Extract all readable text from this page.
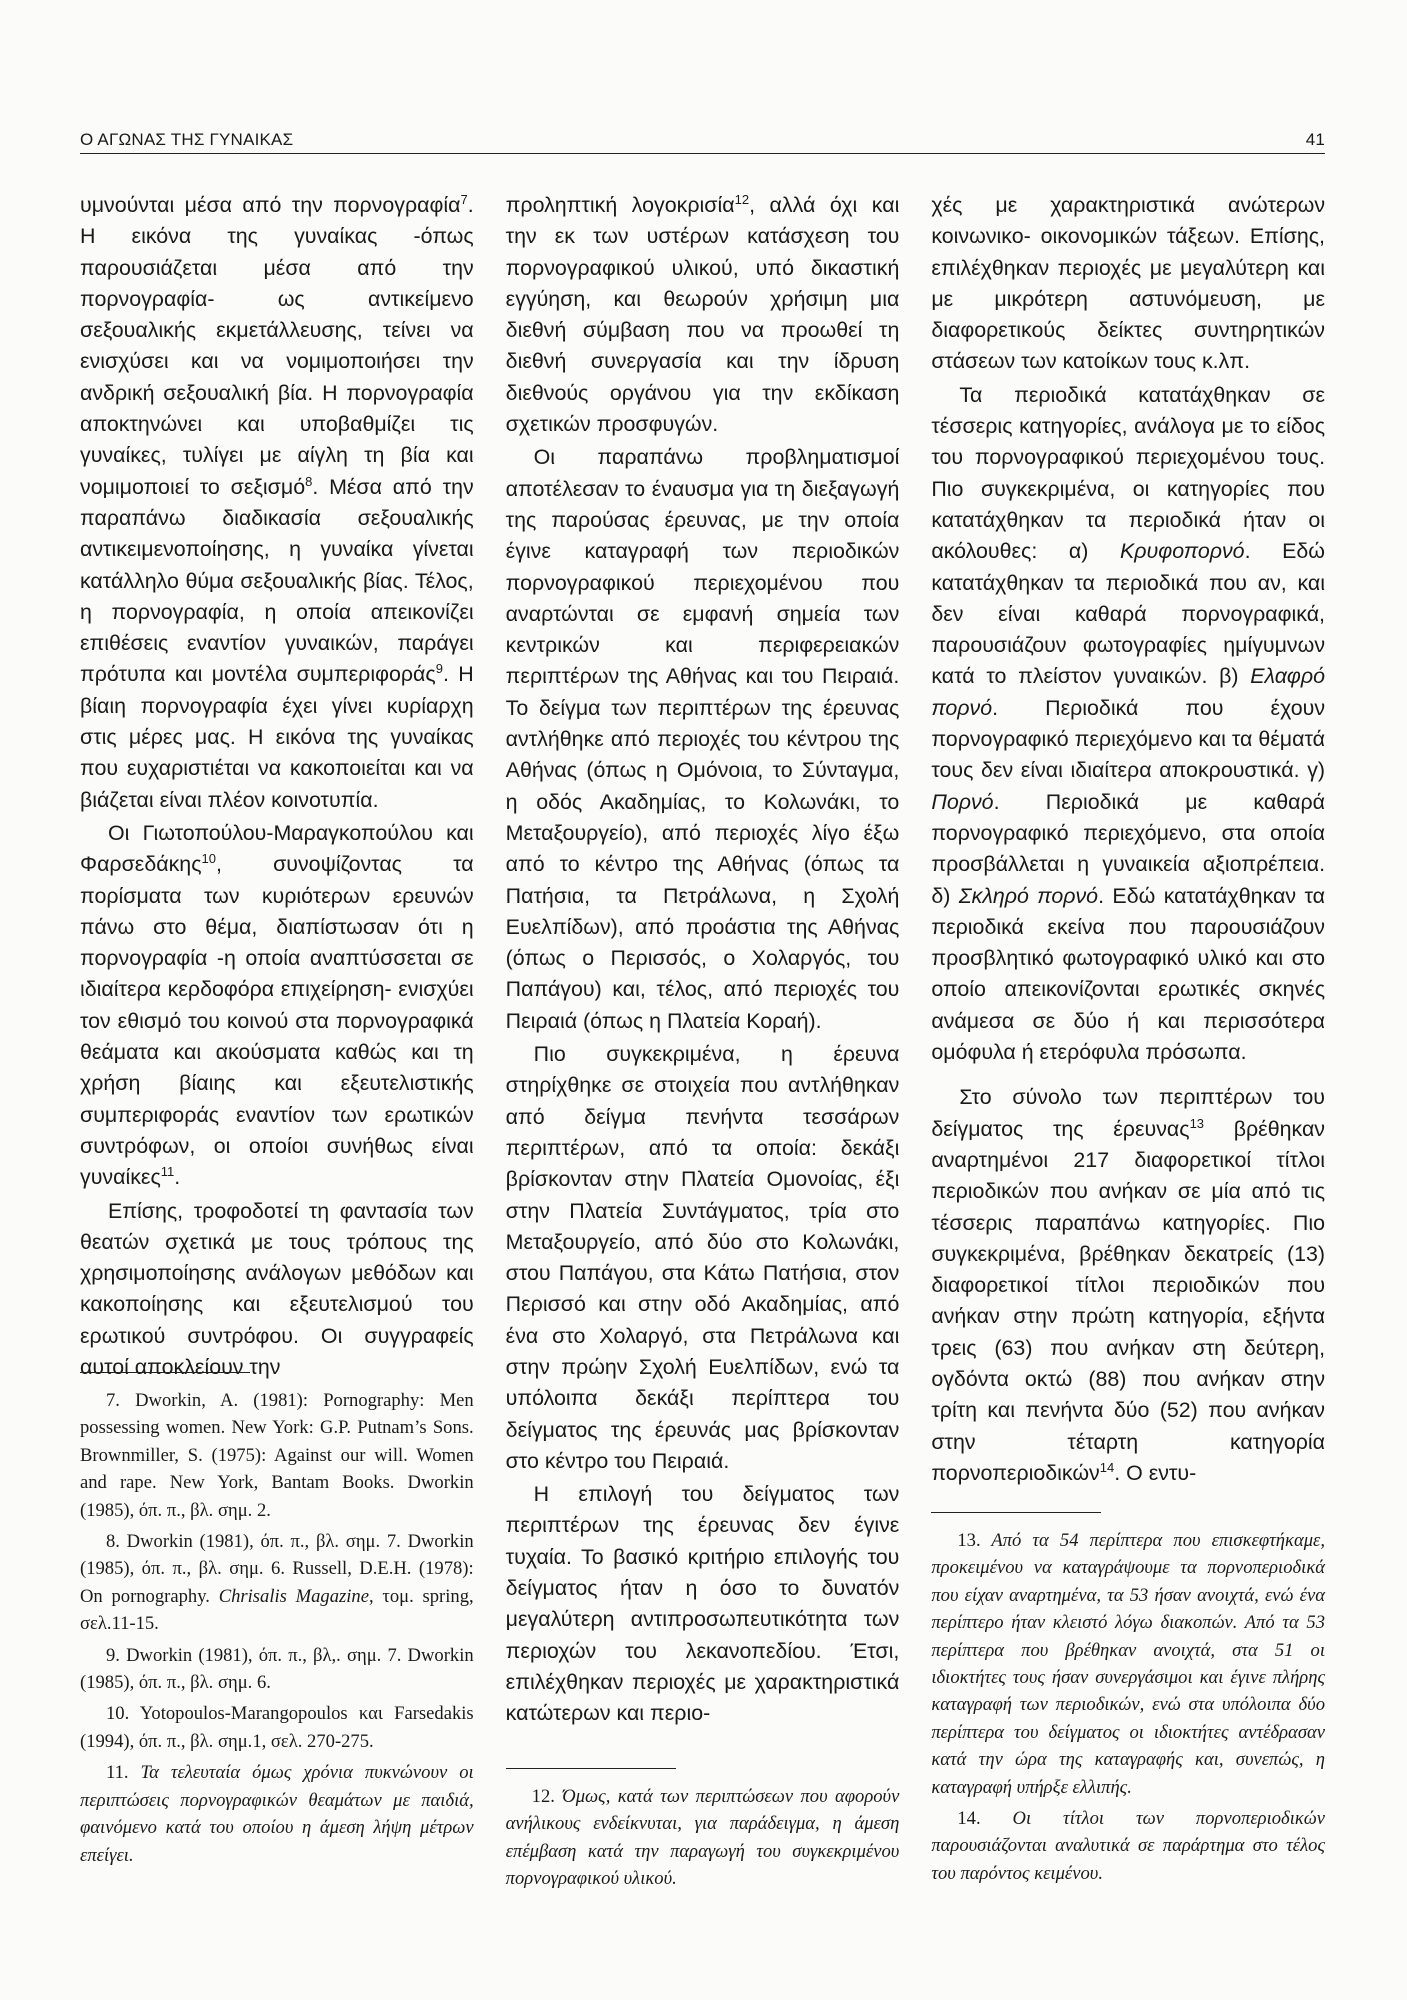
Ο ΑΓΩΝΑΣ ΤΗΣ ΓΥΝΑΙΚΑΣ	41

υμνούνται μέσα από την πορνογραφία$^7$. Η εικόνα της γυναίκας -όπως παρουσιάζεται μέσα από την πορνογραφία- ως αντικείμενο σεξουαλικής εκμετάλλευσης, τείνει να ενισχύσει και να νομιμοποιήσει την ανδρική σεξουαλική βία. Η πορνογραφία αποκτηνώνει και υποβαθμίζει τις γυναίκες, τυλίγει με αίγλη τη βία και νομιμοποιεί το σεξισμό$^8$. Μέσα από την παραπάνω διαδικασία σεξουαλικής αντικειμενοποίησης, η γυναίκα γίνεται κατάλληλο θύμα σεξουαλικής βίας. Τέλος, η πορνογραφία, η οποία απεικονίζει επιθέσεις εναντίον γυναικών, παράγει πρότυπα και μοντέλα συμπεριφοράς$^9$. Η βίαιη πορνογραφία έχει γίνει κυρίαρχη στις μέρες μας. Η εικόνα της γυναίκας που ευχαριστιέται να κακοποιείται και να βιάζεται είναι πλέον κοινοτυπία.

Οι Γιωτοπούλου-Μαραγκοπούλου και Φαρσεδάκης$^{10}$, συνοψίζοντας τα πορίσματα των κυριότερων ερευνών πάνω στο θέμα, διαπίστωσαν ότι η πορνογραφία -η οποία αναπτύσσεται σε ιδιαίτερα κερδοφόρα επιχείρηση- ενισχύει τον εθισμό του κοινού στα πορνογραφικά θεάματα και ακούσματα καθώς και τη χρήση βίαιης και εξευτελιστικής συμπεριφοράς εναντίον των ερωτικών συντρόφων, οι οποίοι συνήθως είναι γυναίκες$^{11}$.

Επίσης, τροφοδοτεί τη φαντασία των θεατών σχετικά με τους τρόπους της χρησιμοποίησης ανάλογων μεθόδων και κακοποίησης και εξευτελισμού του ερωτικού συντρόφου. Οι συγγραφείς αυτοί αποκλείουν την

7. Dworkin, A. (1981): Pornography: Men possessing women. New York: G.P. Putnam’s Sons. Brownmiller, S. (1975): Against our will. Women and rape. New York, Bantam Books. Dworkin (1985), όπ. π., βλ. σημ. 2.

8. Dworkin (1981), όπ. π., βλ. σημ. 7. Dworkin (1985), όπ. π., βλ. σημ. 6. Russell, D.E.H. (1978): On pornography. Chrisalis Magazine, τομ. spring, σελ.11-15.

9. Dworkin (1981), όπ. π., βλ,. σημ. 7. Dworkin (1985), όπ. π., βλ. σημ. 6.

10. Yotopoulos-Marangopoulos και Farsedakis (1994), όπ. π., βλ. σημ.1, σελ. 270-275.

11. Τα τελευταία όμως χρόνια πυκνώνουν οι περιπτώσεις πορνογραφικών θεαμάτων με παιδιά, φαινόμενο κατά του οποίου η άμεση λήψη μέτρων επείγει.

προληπτική λογοκρισία$^{12}$, αλλά όχι και την εκ των υστέρων κατάσχεση του πορνογραφικού υλικού, υπό δικαστική εγγύηση, και θεωρούν χρήσιμη μια διεθνή σύμβαση που να προωθεί τη διεθνή συνεργασία και την ίδρυση διεθνούς οργάνου για την εκδίκαση σχετικών προσφυγών.

Οι παραπάνω προβληματισμοί αποτέλεσαν το έναυσμα για τη διεξαγωγή της παρούσας έρευνας, με την οποία έγινε καταγραφή των περιοδικών πορνογραφικού περιεχομένου που αναρτώνται σε εμφανή σημεία των κεντρικών και περιφερειακών περιπτέρων της Αθήνας και του Πειραιά. Το δείγμα των περιπτέρων της έρευνας αντλήθηκε από περιοχές του κέντρου της Αθήνας (όπως η Ομόνοια, το Σύνταγμα, η οδός Ακαδημίας, το Κολωνάκι, το Μεταξουργείο), από περιοχές λίγο έξω από το κέντρο της Αθήνας (όπως τα Πατήσια, τα Πετράλωνα, η Σχολή Ευελπίδων), από προάστια της Αθήνας (όπως ο Περισσός, ο Χολαργός, του Παπάγου) και, τέλος, από περιοχές του Πειραιά (όπως η Πλατεία Κοραή).

Πιο συγκεκριμένα, η έρευνα στηρίχθηκε σε στοιχεία που αντλήθηκαν από δείγμα πενήντα τεσσάρων περιπτέρων, από τα οποία: δεκάξι βρίσκονταν στην Πλατεία Ομονοίας, έξι στην Πλατεία Συντάγματος, τρία στο Μεταξουργείο, από δύο στο Κολωνάκι, στου Παπάγου, στα Κάτω Πατήσια, στον Περισσό και στην οδό Ακαδημίας, από ένα στο Χολαργό, στα Πετράλωνα και στην πρώην Σχολή Ευελπίδων, ενώ τα υπόλοιπα δεκάξι περίπτερα του δείγματος της έρευνάς μας βρίσκονταν στο κέντρο του Πειραιά.

Η επιλογή του δείγματος των περιπτέρων της έρευνας δεν έγινε τυχαία. Το βασικό κριτήριο επιλογής του δείγματος ήταν η όσο το δυνατόν μεγαλύτερη αντιπροσωπευτικότητα των περιοχών του λεκανοπεδίου. Έτσι, επιλέχθηκαν περιοχές με χαρακτηριστικά κατώτερων και περιο-

12. Όμως, κατά των περιπτώσεων που αφορούν ανήλικους ενδείκνυται, για παράδειγμα, η άμεση επέμβαση κατά την παραγωγή του συγκεκριμένου πορνογραφικού υλικού.

χές με χαρακτηριστικά ανώτερων κοινωνικο- οικονομικών τάξεων. Επίσης, επιλέχθηκαν περιοχές με μεγαλύτερη και με μικρότερη αστυνόμευση, με διαφορετικούς δείκτες συντηρητικών στάσεων των κατοίκων τους κ.λπ.

Τα περιοδικά κατατάχθηκαν σε τέσσερις κατηγορίες, ανάλογα με το είδος του πορνογραφικού περιεχομένου τους. Πιο συγκεκριμένα, οι κατηγορίες που κατατάχθηκαν τα περιοδικά ήταν οι ακόλουθες: α) Κρυφοπορνό. Εδώ κατατάχθηκαν τα περιοδικά που αν, και δεν είναι καθαρά πορνογραφικά, παρουσιάζουν φωτογραφίες ημίγυμνων κατά το πλείστον γυναικών. β) Ελαφρό πορνό. Περιοδικά που έχουν πορνογραφικό περιεχόμενο και τα θέματά τους δεν είναι ιδιαίτερα αποκρουστικά. γ) Πορνό. Περιοδικά με καθαρά πορνογραφικό περιεχόμενο, στα οποία προσβάλλεται η γυναικεία αξιοπρέπεια. δ) Σκληρό πορνό. Εδώ κατατάχθηκαν τα περιοδικά εκείνα που παρουσιάζουν προσβλητικό φωτογραφικό υλικό και στο οποίο απεικονίζονται ερωτικές σκηνές ανάμεσα σε δύο ή και περισσότερα ομόφυλα ή ετερόφυλα πρόσωπα.

Στο σύνολο των περιπτέρων του δείγματος της έρευνας$^{13}$ βρέθηκαν αναρτημένοι 217 διαφορετικοί τίτλοι περιοδικών που ανήκαν σε μία από τις τέσσερις παραπάνω κατηγορίες. Πιο συγκεκριμένα, βρέθηκαν δεκατρείς (13) διαφορετικοί τίτλοι περιοδικών που ανήκαν στην πρώτη κατηγορία, εξήντα τρεις (63) που ανήκαν στη δεύτερη, ογδόντα οκτώ (88) που ανήκαν στην τρίτη και πενήντα δύο (52) που ανήκαν στην τέταρτη κατηγορία πορνοπεριοδικών$^{14}$. Ο εντυ-

13. Από τα 54 περίπτερα που επισκεφτήκαμε, προκειμένου να καταγράψουμε τα πορνοπεριοδικά που είχαν αναρτημένα, τα 53 ήσαν ανοιχτά, ενώ ένα περίπτερο ήταν κλειστό λόγω διακοπών. Από τα 53 περίπτερα που βρέθηκαν ανοιχτά, στα 51 οι ιδιοκτήτες τους ήσαν συνεργάσιμοι και έγινε πλήρης καταγραφή των περιοδικών, ενώ στα υπόλοιπα δύο περίπτερα του δείγματος οι ιδιοκτήτες αντέδρασαν κατά την ώρα της καταγραφής και, συνεπώς, η καταγραφή υπήρξε ελλιπής.

14. Οι τίτλοι των πορνοπεριοδικών παρουσιάζονται αναλυτικά σε παράρτημα στο τέλος του παρόντος κειμένου.
